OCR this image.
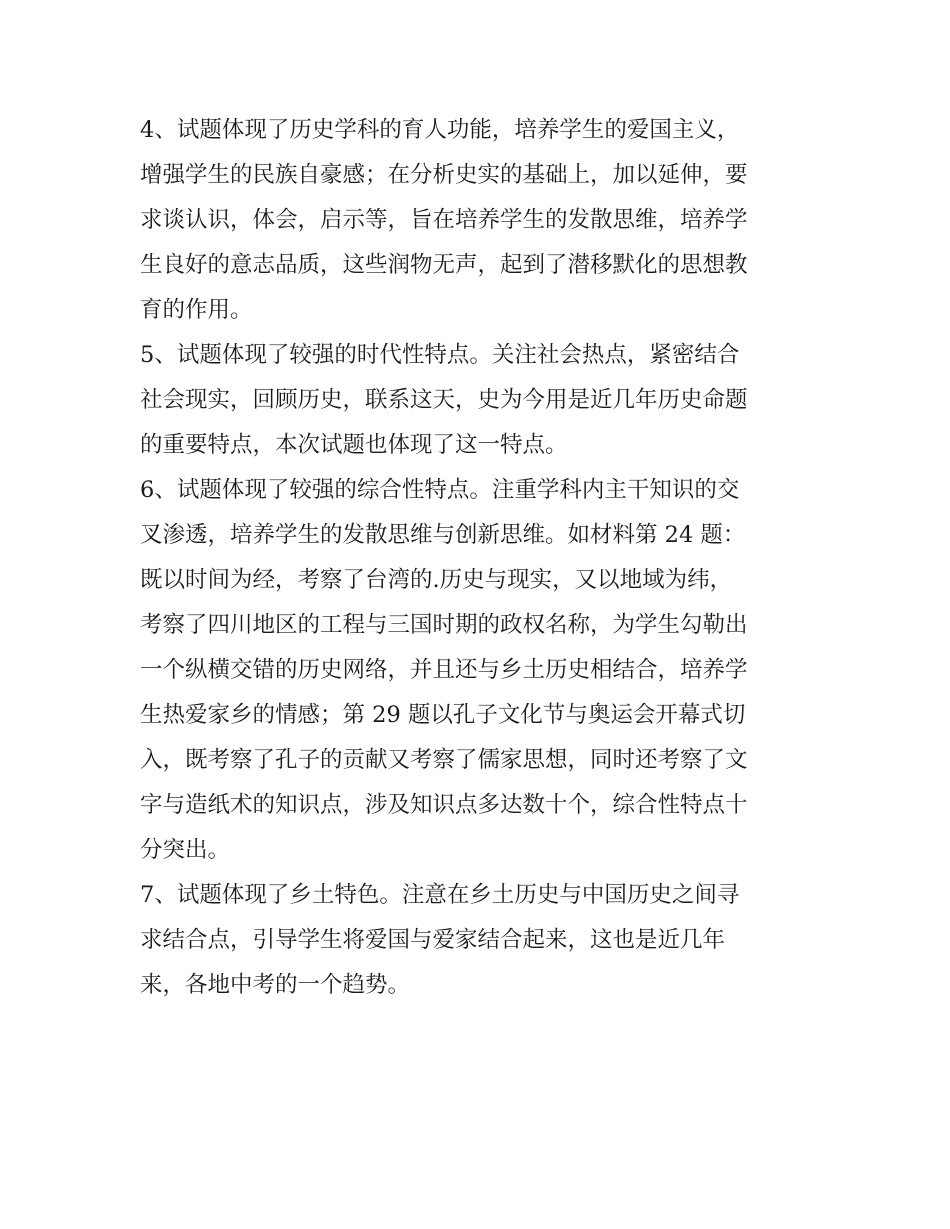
4、试题体现了历史学科的育人功能，培养学生的爱国主义，
增强学生的民族自豪感；在分析史实的基础上，加以延伸，要
求谈认识，体会，启示等，旨在培养学生的发散思维，培养学
生良好的意志品质，这些润物无声，起到了潜移默化的思想教
育的作用。
5、试题体现了较强的时代性特点。关注社会热点，紧密结合
社会现实，回顾历史，联系这天，史为今用是近几年历史命题
的重要特点，本次试题也体现了这一特点。
6、试题体现了较强的综合性特点。注重学科内主干知识的交
叉渗透，培养学生的发散思维与创新思维。如材料第 24 题：
既以时间为经，考察了台湾的.历史与现实，又以地域为纬，
考察了四川地区的工程与三国时期的政权名称，为学生勾勒出
一个纵横交错的历史网络，并且还与乡土历史相结合，培养学
生热爱家乡的情感；第 29 题以孔子文化节与奥运会开幕式切
入，既考察了孔子的贡献又考察了儒家思想，同时还考察了文
字与造纸术的知识点，涉及知识点多达数十个，综合性特点十
分突出。
7、试题体现了乡土特色。注意在乡土历史与中国历史之间寻
求结合点，引导学生将爱国与爱家结合起来，这也是近几年
来，各地中考的一个趋势。
